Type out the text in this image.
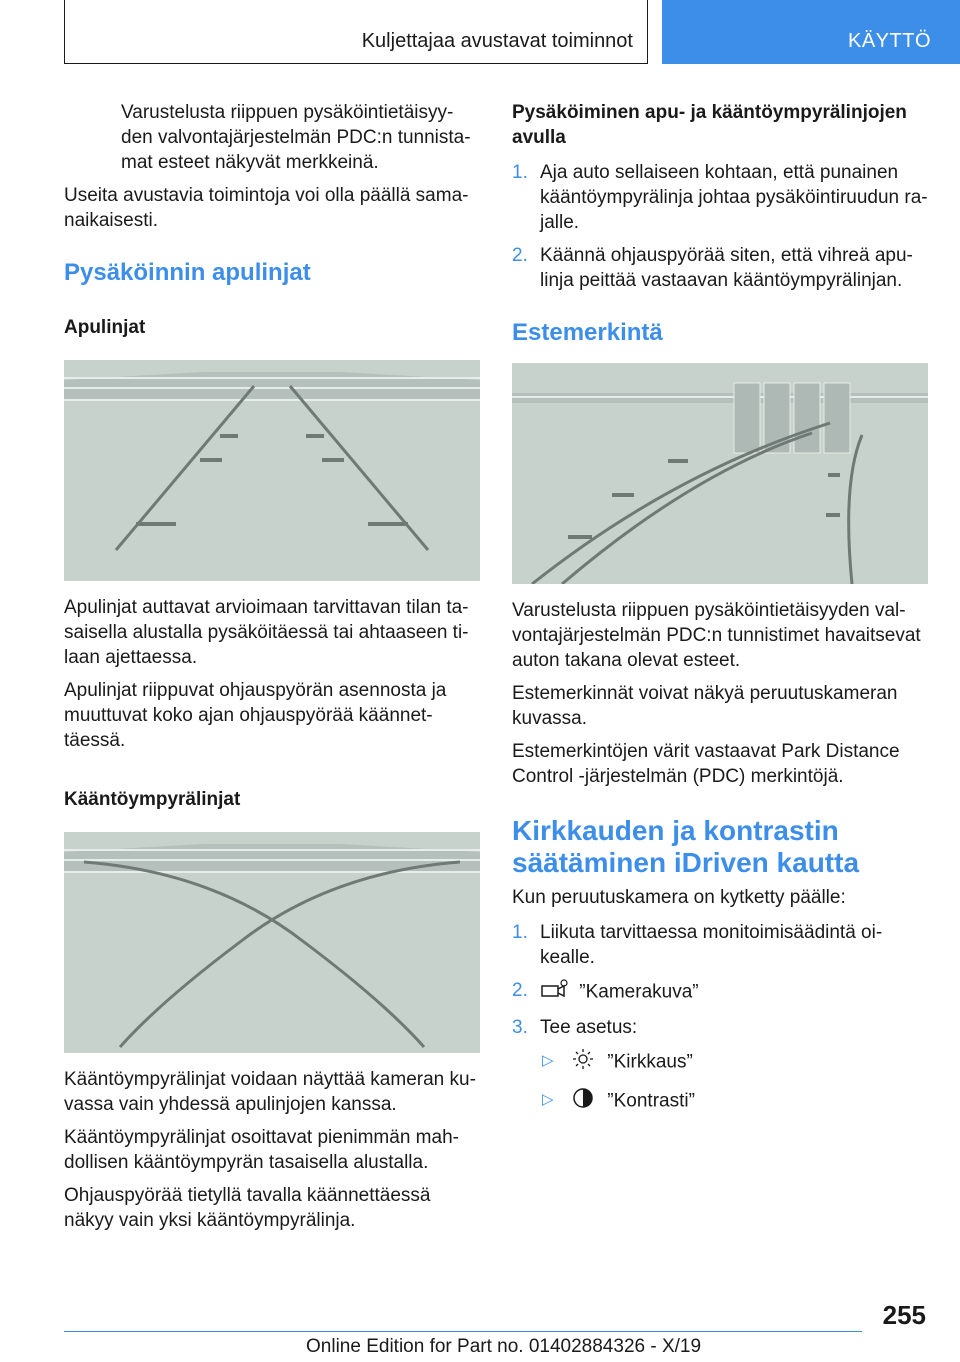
Kuljettajaa avustavat toiminnot	KÄYTTÖ

Varustelusta riippuen pysäköintietäisyy-den valvontajärjestelmän PDC:n tunnista-mat esteet näkyvät merkkeinä.

Useita avustavia toimintoja voi olla päällä sama-naikaisesti.

Pysäköinnin apulinjat
Apulinjat

Apulinjat auttavat arvioimaan tarvittavan tilan ta-saisella alustalla pysäköitäessä tai ahtaaseen ti-laan ajettaessa.

Apulinjat riippuvat ohjauspyörän asennosta ja muuttuvat koko ajan ohjauspyörää käännet-täessä.

Kääntöympyrälinjat

Kääntöympyrälinjat voidaan näyttää kameran ku-vassa vain yhdessä apulinjojen kanssa.

Kääntöympyrälinjat osoittavat pienimmän mah-dollisen kääntöympyrän tasaisella alustalla.

Ohjauspyörää tietyllä tavalla käännettäessä näkyy vain yksi kääntöympyrälinja.

Pysäköiminen apu- ja kääntöympyrälinjojen avulla
1. Aja auto sellaiseen kohtaan, että punainen kääntöympyrälinja johtaa pysäköintiruudun ra-jalle.
2. Käännä ohjauspyörää siten, että vihreä apu-linja peittää vastaavan kääntöympyrälinjan.
Estemerkintä

Varustelusta riippuen pysäköintietäisyyden val-vontajärjestelmän PDC:n tunnistimet havaitsevat auton takana olevat esteet.

Estemerkinnät voivat näkyä peruutuskameran kuvassa.

Estemerkintöjen värit vastaavat Park Distance Control -järjestelmän (PDC) merkintöjä.

Kirkkauden ja kontrastin säätäminen iDriven kautta

Kun peruutuskamera on kytketty päälle:

1. Liikuta tarvittaessa monitoimisäädintä oi-kealle.
2.	”Kamerakuva”
3. Tee asetus:
▷	”Kirkkaus”
▷	”Kontrasti”
255
Online Edition for Part no. 01402884326 - X/19
